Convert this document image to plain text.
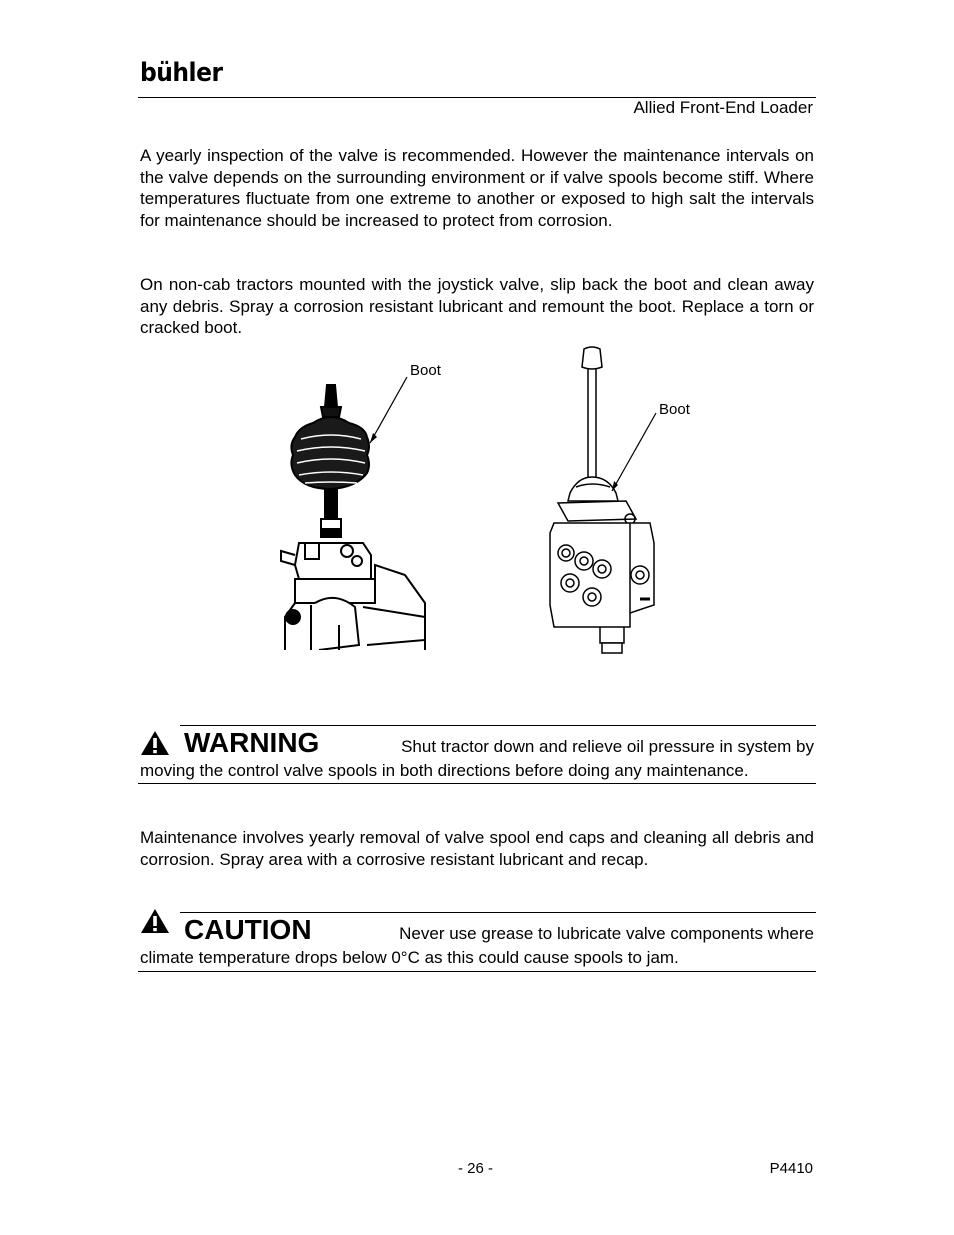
bühler
Allied Front-End Loader

A yearly inspection of the valve is recommended. However the maintenance intervals on the valve depends on the surrounding environment or if valve spools become stiff. Where temperatures fluctuate from one extreme to another or exposed to high salt the intervals for maintenance should be increased to protect from corrosion.

On non-cab tractors mounted with the joystick valve, slip back the boot and clean away any debris. Spray a corrosion resistant lubricant and remount the boot. Replace a torn or cracked boot.

Boot
Boot
WARNING	Shut tractor down and relieve oil pressure in system by
moving the control valve spools in both directions before doing any maintenance.

Maintenance involves yearly removal of valve spool end caps and cleaning all debris and corrosion. Spray area with a corrosive resistant lubricant and recap.

CAUTION	Never use grease to lubricate valve components where
climate temperature drops below 0°C as this could cause spools to jam.
- 26 -	P4410
